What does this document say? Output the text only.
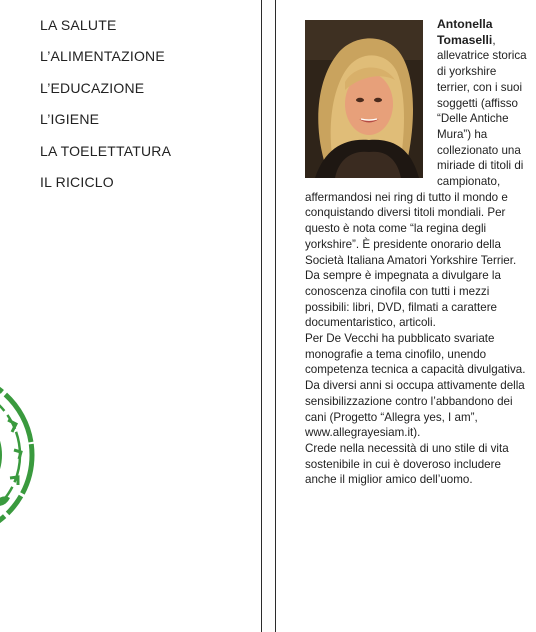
LA SALUTE
L’ALIMENTAZIONE
L’EDUCAZIONE
L’IGIENE
LA TOELETTATURA
IL RICICLO
Antonella Tomaselli, allevatrice storica di yorkshire terrier, con i suoi soggetti (affisso “Delle Antiche Mura”) ha collezionato una miriade di titoli di campionato, affermandosi nei ring di tutto il mondo e conquistando diversi titoli mondiali. Per questo è nota come “la regina degli yorkshire”. È presidente onorario della Società Italiana Amatori Yorkshire Terrier. Da sempre è impegnata a divulgare la conoscenza cinofila con tutti i mezzi possibili: libri, DVD, filmati a carattere documentaristico, articoli.
Per De Vecchi ha pubblicato svariate monografie a tema cinofilo, unendo competenza tecnica a capacità divulgativa.
Da diversi anni si occupa attivamente della sensibilizzazione contro l’abbandono dei cani (Progetto “Allegra yes, I am”, www.allegrayesiam.it).
Crede nella necessità di uno stile di vita sostenibile in cui è doveroso includere anche il miglior amico dell’uomo.
